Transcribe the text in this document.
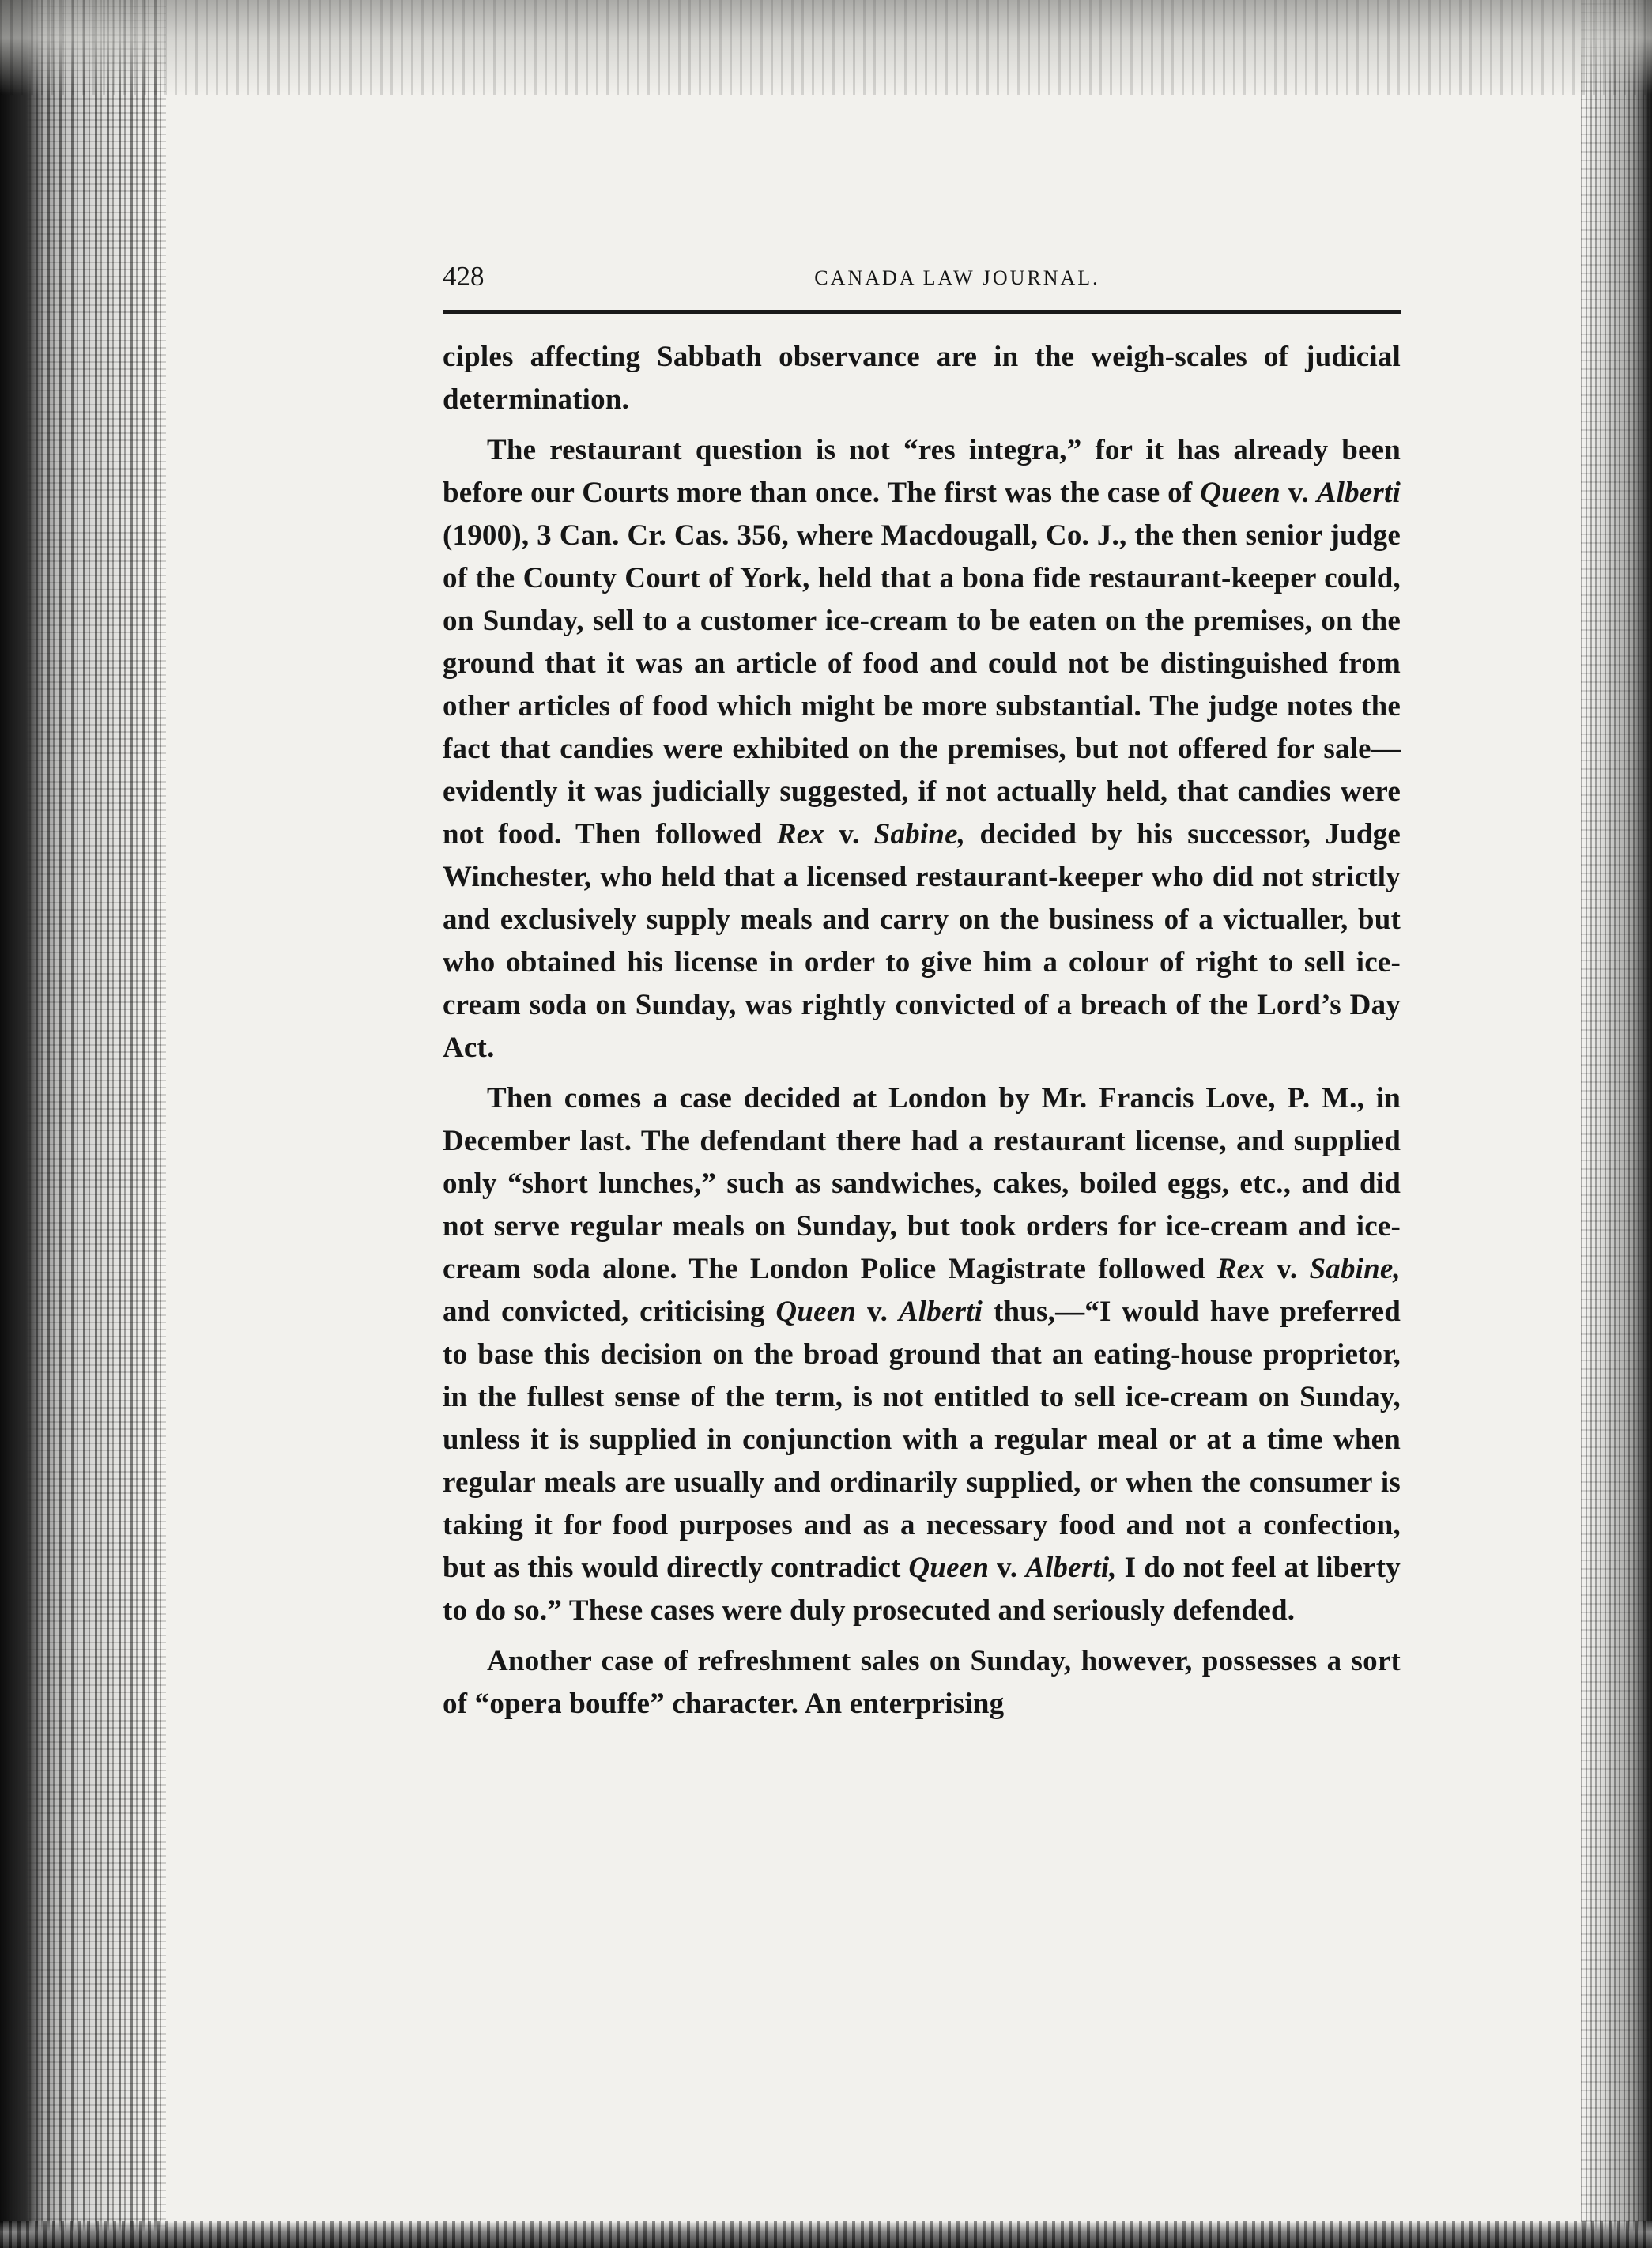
428	CANADA LAW JOURNAL.

ciples affecting Sabbath observance are in the weigh-scales of judicial determination.

The restaurant question is not “res integra,” for it has already been before our Courts more than once. The first was the case of Queen v. Alberti (1900), 3 Can. Cr. Cas. 356, where Macdougall, Co. J., the then senior judge of the County Court of York, held that a bona fide restaurant-keeper could, on Sunday, sell to a customer ice-cream to be eaten on the premises, on the ground that it was an article of food and could not be distinguished from other articles of food which might be more substantial. The judge notes the fact that candies were exhibited on the premises, but not offered for sale—evidently it was judicially suggested, if not actually held, that candies were not food. Then followed Rex v. Sabine, decided by his successor, Judge Winchester, who held that a licensed restaurant-keeper who did not strictly and exclusively supply meals and carry on the business of a victualler, but who obtained his license in order to give him a colour of right to sell ice-cream soda on Sunday, was rightly convicted of a breach of the Lord’s Day Act.

Then comes a case decided at London by Mr. Francis Love, P. M., in December last. The defendant there had a restaurant license, and supplied only “short lunches,” such as sandwiches, cakes, boiled eggs, etc., and did not serve regular meals on Sunday, but took orders for ice-cream and ice-cream soda alone. The London Police Magistrate followed Rex v. Sabine, and convicted, criticising Queen v. Alberti thus,—“I would have preferred to base this decision on the broad ground that an eating-house proprietor, in the fullest sense of the term, is not entitled to sell ice-cream on Sunday, unless it is supplied in conjunction with a regular meal or at a time when regular meals are usually and ordinarily supplied, or when the consumer is taking it for food purposes and as a necessary food and not a confection, but as this would directly contradict Queen v. Alberti, I do not feel at liberty to do so.” These cases were duly prosecuted and seriously defended.

Another case of refreshment sales on Sunday, however, possesses a sort of “opera bouffe” character. An enterprising
